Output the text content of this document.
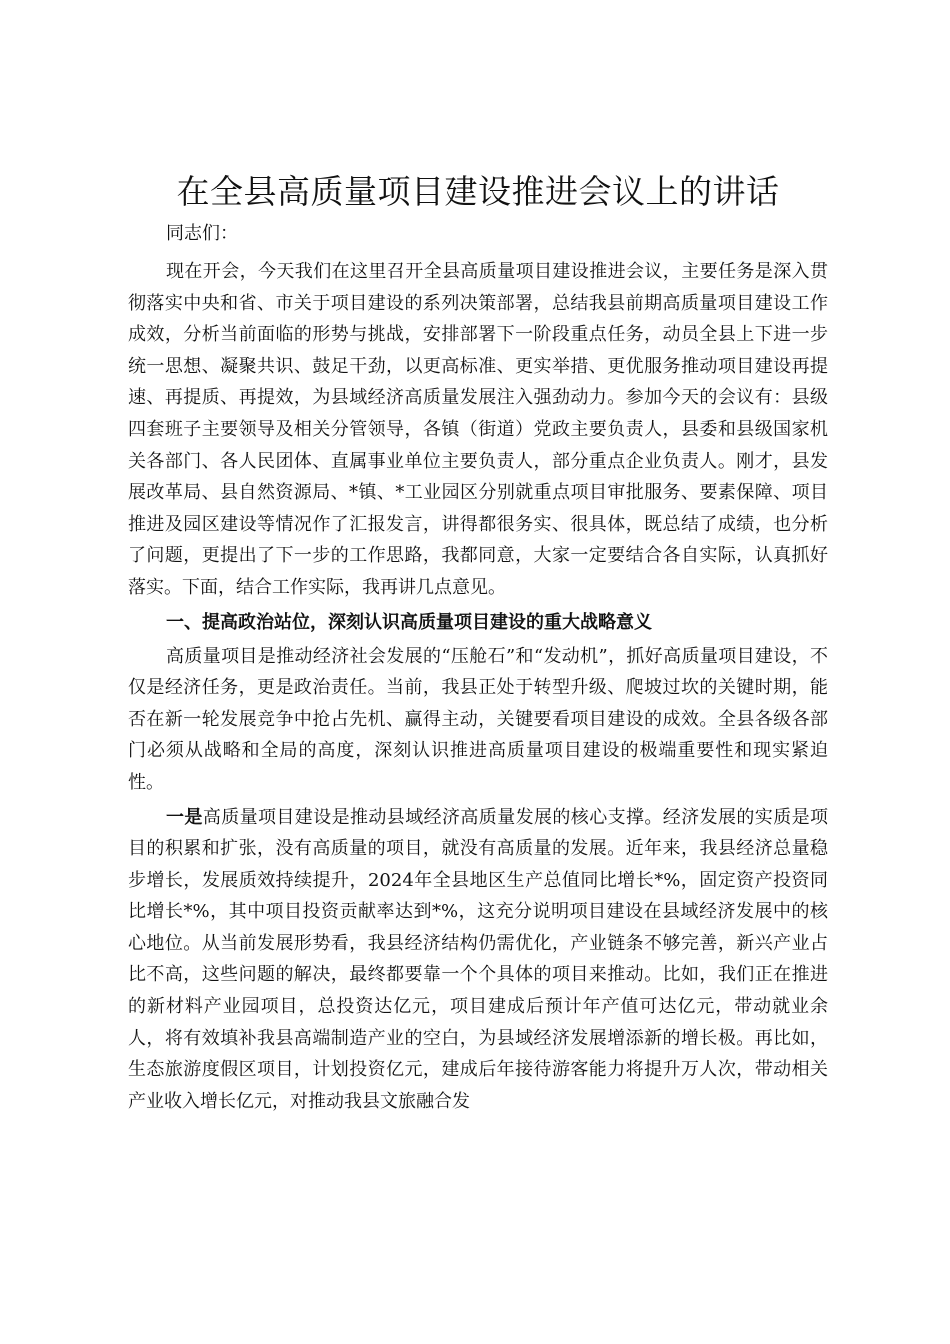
在全县高质量项目建设推进会议上的讲话
同志们：

现在开会，今天我们在这里召开全县高质量项目建设推进会议，主要任务是深入贯彻落实中央和省、市关于项目建设的系列决策部署，总结我县前期高质量项目建设工作成效，分析当前面临的形势与挑战，安排部署下一阶段重点任务，动员全县上下进一步统一思想、凝聚共识、鼓足干劲，以更高标准、更实举措、更优服务推动项目建设再提速、再提质、再提效，为县域经济高质量发展注入强劲动力。参加今天的会议有：县级四套班子主要领导及相关分管领导，各镇（街道）党政主要负责人，县委和县级国家机关各部门、各人民团体、直属事业单位主要负责人，部分重点企业负责人。刚才，县发展改革局、县自然资源局、*镇、*工业园区分别就重点项目审批服务、要素保障、项目推进及园区建设等情况作了汇报发言，讲得都很务实、很具体，既总结了成绩，也分析了问题，更提出了下一步的工作思路，我都同意，大家一定要结合各自实际，认真抓好落实。下面，结合工作实际，我再讲几点意见。

一、提高政治站位，深刻认识高质量项目建设的重大战略意义

高质量项目是推动经济社会发展的“压舱石”和“发动机”，抓好高质量项目建设，不仅是经济任务，更是政治责任。当前，我县正处于转型升级、爬坡过坎的关键时期，能否在新一轮发展竞争中抢占先机、赢得主动，关键要看项目建设的成效。全县各级各部门必须从战略和全局的高度，深刻认识推进高质量项目建设的极端重要性和现实紧迫性。

一是高质量项目建设是推动县域经济高质量发展的核心支撑。经济发展的实质是项目的积累和扩张，没有高质量的项目，就没有高质量的发展。近年来，我县经济总量稳步增长，发展质效持续提升，2024年全县地区生产总值同比增长*%，固定资产投资同比增长*%，其中项目投资贡献率达到*%，这充分说明项目建设在县域经济发展中的核心地位。从当前发展形势看，我县经济结构仍需优化，产业链条不够完善，新兴产业占比不高，这些问题的解决，最终都要靠一个个具体的项目来推动。比如，我们正在推进的新材料产业园项目，总投资达亿元，项目建成后预计年产值可达亿元，带动就业余人，将有效填补我县高端制造产业的空白，为县域经济发展增添新的增长极。再比如，生态旅游度假区项目，计划投资亿元，建成后年接待游客能力将提升万人次，带动相关产业收入增长亿元，对推动我县文旅融合发
